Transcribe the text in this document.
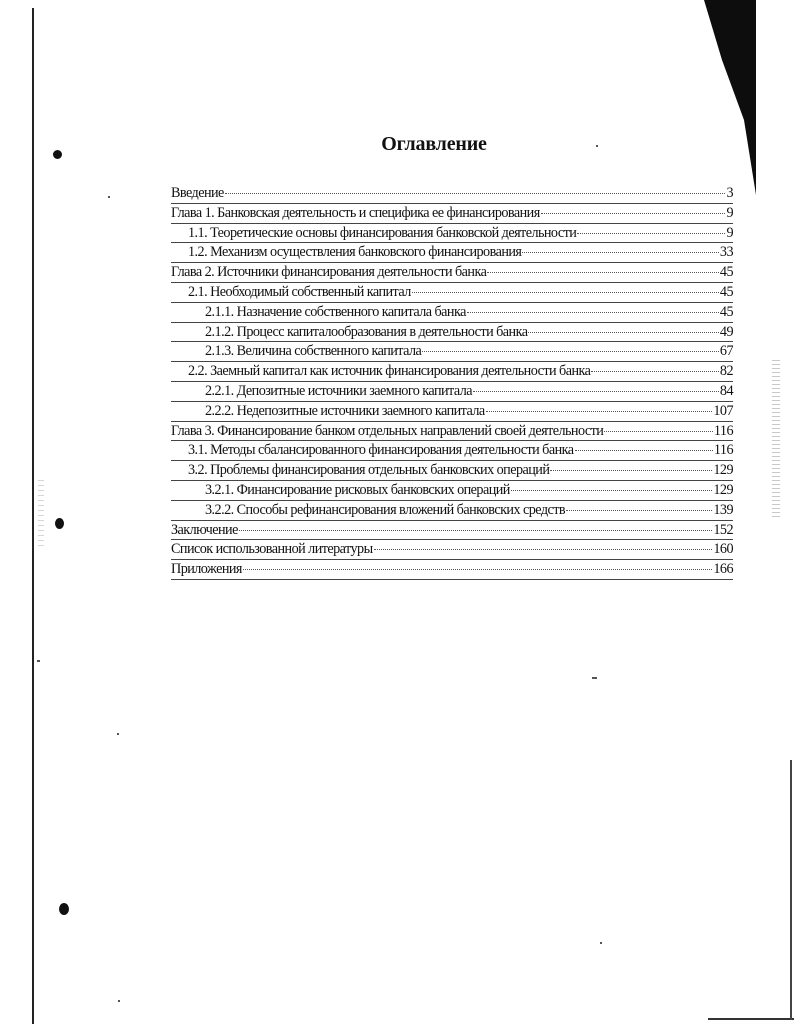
Оглавление
Введение	3
Глава 1. Банковская деятельность и специфика ее финансирования	9
1.1. Теоретические основы финансирования банковской деятельности	9
1.2. Механизм осуществления банковского финансирования	33
Глава 2. Источники финансирования деятельности банка	45
2.1. Необходимый собственный капитал	45
2.1.1. Назначение собственного капитала банка	45
2.1.2. Процесс капиталообразования в деятельности банка	49
2.1.3. Величина собственного капитала	67
2.2. Заемный капитал как источник финансирования деятельности банка	82
2.2.1. Депозитные источники заемного капитала	84
2.2.2. Недепозитные источники заемного капитала	107
Глава 3. Финансирование банком отдельных направлений своей деятельности	116
3.1. Методы сбалансированного финансирования деятельности банка	116
3.2. Проблемы финансирования отдельных банковских операций	129
3.2.1. Финансирование рисковых банковских операций	129
3.2.2. Способы рефинансирования вложений банковских средств	139
Заключение	152
Список использованной литературы	160
Приложения	166
